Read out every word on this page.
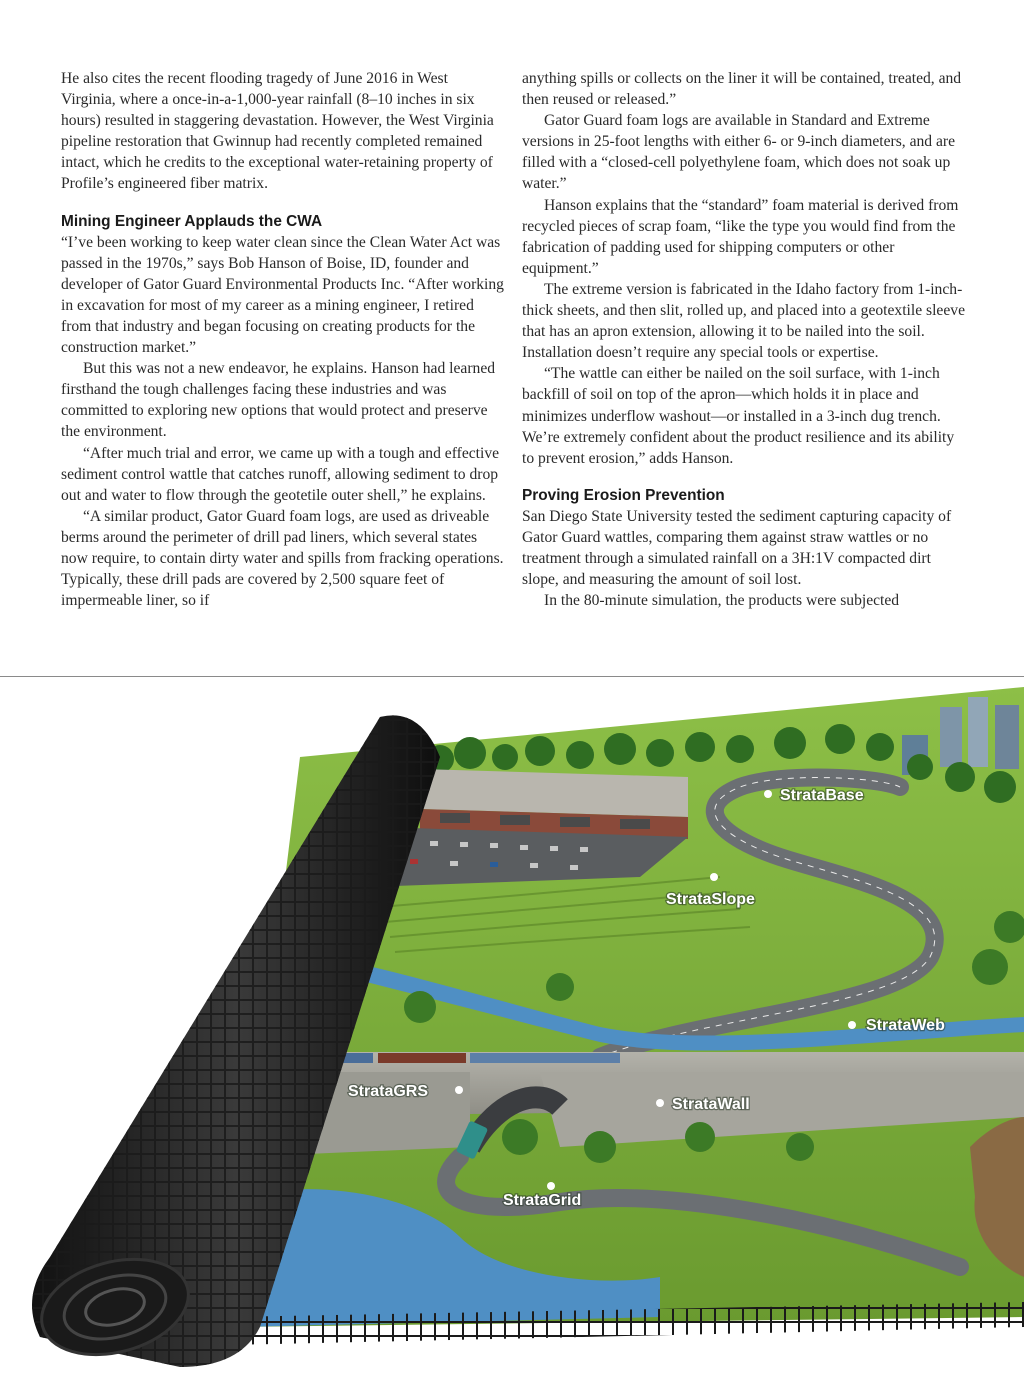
He also cites the recent flooding tragedy of June 2016 in West Virginia, where a once-in-a-1,000-year rainfall (8–10 inches in six hours) resulted in staggering devastation. However, the West Virginia pipeline restoration that Gwinnup had recently completed remained intact, which he credits to the exceptional water-retaining property of Profile’s engineered fiber matrix.

Mining Engineer Applauds the CWA

“I’ve been working to keep water clean since the Clean Water Act was passed in the 1970s,” says Bob Hanson of Boise, ID, founder and developer of Gator Guard Environmental Products Inc. “After working in excavation for most of my career as a mining engineer, I retired from that industry and began focusing on creating products for the construction market.”

But this was not a new endeavor, he explains. Hanson had learned firsthand the tough challenges facing these industries and was committed to exploring new options that would protect and preserve the environment.

“After much trial and error, we came up with a tough and effective sediment control wattle that catches runoff, allowing sediment to drop out and water to flow through the geotetile outer shell,” he explains.

“A similar product, Gator Guard foam logs, are used as driveable berms around the perimeter of drill pad liners, which several states now require, to contain dirty water and spills from fracking operations. Typically, these drill pads are covered by 2,500 square feet of impermeable liner, so if

anything spills or collects on the liner it will be contained, treated, and then reused or released.”

Gator Guard foam logs are available in Standard and Extreme versions in 25-foot lengths with either 6- or 9-inch diameters, and are filled with a “closed-cell polyethylene foam, which does not soak up water.”

Hanson explains that the “standard” foam material is derived from recycled pieces of scrap foam, “like the type you would find from the fabrication of padding used for shipping computers or other equipment.”

The extreme version is fabricated in the Idaho factory from 1-inch-thick sheets, and then slit, rolled up, and placed into a geotextile sleeve that has an apron extension, allowing it to be nailed into the soil. Installation doesn’t require any special tools or expertise.

“The wattle can either be nailed on the soil surface, with 1-inch backfill of soil on top of the apron—which holds it in place and minimizes underflow washout—or installed in a 3-inch dug trench. We’re extremely confident about the product resilience and its ability to prevent erosion,” adds Hanson.

Proving Erosion Prevention

San Diego State University tested the sediment capturing capacity of Gator Guard wattles, comparing them against straw wattles or no treatment through a simulated rainfall on a 3H:1V compacted dirt slope, and measuring the amount of soil lost.

In the 80-minute simulation, the products were subjected

StrataBase
StrataSlope
StrataWeb
StrataGRS
StrataWall
StrataGrid
